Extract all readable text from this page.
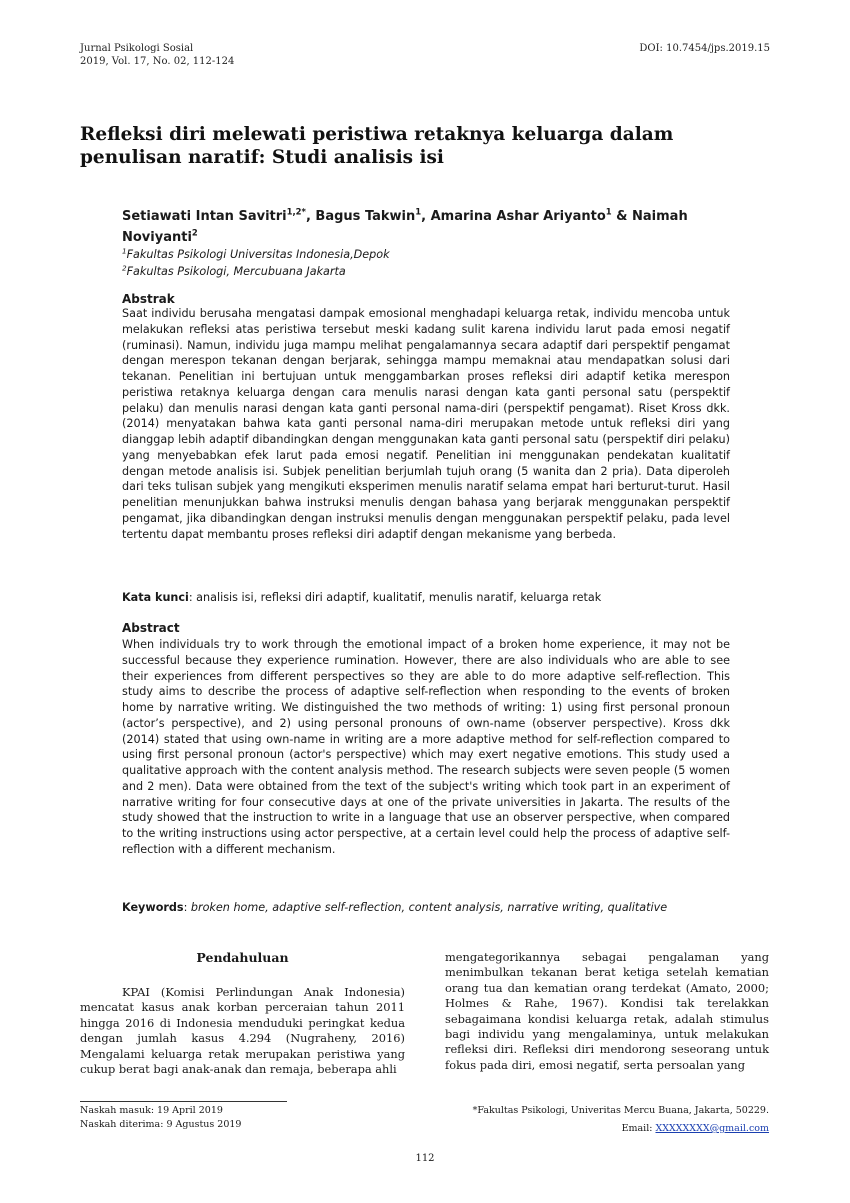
Jurnal Psikologi Sosial
2019, Vol. 17, No. 02, 112-124
DOI: 10.7454/jps.2019.15
Refleksi diri melewati peristiwa retaknya keluarga dalam penulisan naratif: Studi analisis isi
Setiawati Intan Savitri$^{1,2*}$, Bagus Takwin$^1$, Amarina Ashar Ariyanto$^1$ & Naimah Noviyanti$^2$
$^1$Fakultas Psikologi Universitas Indonesia,Depok
$^2$Fakultas Psikologi, Mercubuana Jakarta
Abstrak
Saat individu berusaha mengatasi dampak emosional menghadapi keluarga retak, individu mencoba untuk melakukan refleksi atas peristiwa tersebut meski kadang sulit karena individu larut pada emosi negatif (ruminasi). Namun, individu juga mampu melihat pengalamannya secara adaptif dari perspektif pengamat dengan merespon tekanan dengan berjarak, sehingga mampu memaknai atau mendapatkan solusi dari tekanan. Penelitian ini bertujuan untuk menggambarkan proses refleksi diri adaptif ketika merespon peristiwa retaknya keluarga dengan cara menulis narasi dengan kata ganti personal satu (perspektif pelaku) dan menulis narasi dengan kata ganti personal nama-diri (perspektif pengamat). Riset Kross dkk. (2014) menyatakan bahwa kata ganti personal nama-diri merupakan metode untuk refleksi diri yang dianggap lebih adaptif dibandingkan dengan menggunakan kata ganti personal satu (perspektif diri pelaku) yang menyebabkan efek larut pada emosi negatif. Penelitian ini menggunakan pendekatan kualitatif dengan metode analisis isi. Subjek penelitian berjumlah tujuh orang (5 wanita dan 2 pria). Data diperoleh dari teks tulisan subjek yang mengikuti eksperimen menulis naratif selama empat hari berturut-turut. Hasil penelitian menunjukkan bahwa instruksi menulis dengan bahasa yang berjarak menggunakan perspektif pengamat, jika dibandingkan dengan instruksi menulis dengan menggunakan perspektif pelaku, pada level tertentu dapat membantu proses refleksi diri adaptif dengan mekanisme yang berbeda.
Kata kunci: analisis isi, refleksi diri adaptif, kualitatif, menulis naratif, keluarga retak
Abstract
When individuals try to work through the emotional impact of a broken home experience, it may not be successful because they experience rumination. However, there are also individuals who are able to see their experiences from different perspectives so they are able to do more adaptive self-reflection. This study aims to describe the process of adaptive self-reflection when responding to the events of broken home by narrative writing. We distinguished the two methods of writing: 1) using first personal pronoun (actor’s perspective), and 2) using personal pronouns of own-name (observer perspective). Kross dkk (2014) stated that using own-name in writing are a more adaptive method for self-reflection compared to using first personal pronoun (actor's perspective) which may exert negative emotions. This study used a qualitative approach with the content analysis method. The research subjects were seven people (5 women and 2 men). Data were obtained from the text of the subject's writing which took part in an experiment of narrative writing for four consecutive days at one of the private universities in Jakarta. The results of the study showed that the instruction to write in a language that use an observer perspective, when compared to the writing instructions using actor perspective, at a certain level could help the process of adaptive self-reflection with a different mechanism.
Keywords: broken home, adaptive self-reflection, content analysis, narrative writing, qualitative
Pendahuluan

KPAI (Komisi Perlindungan Anak Indonesia) mencatat kasus anak korban perceraian tahun 2011 hingga 2016 di Indonesia menduduki peringkat kedua dengan jumlah kasus 4.294 (Nugraheny, 2016) Mengalami keluarga retak merupakan peristiwa yang cukup berat bagi anak-anak dan remaja, beberapa ahli

mengategorikannya sebagai pengalaman yang menimbulkan tekanan berat ketiga setelah kematian orang tua dan kematian orang terdekat (Amato, 2000; Holmes & Rahe, 1967). Kondisi tak terelakkan sebagaimana kondisi keluarga retak, adalah stimulus bagi individu yang mengalaminya, untuk melakukan refleksi diri. Refleksi diri mendorong seseorang untuk fokus pada diri, emosi negatif, serta persoalan yang

Naskah masuk: 19 April 2019
Naskah diterima: 9 Agustus 2019
*Fakultas Psikologi, Univeritas Mercu Buana, Jakarta, 50229.
Email: XXXXXXXX@gmail.com
112
